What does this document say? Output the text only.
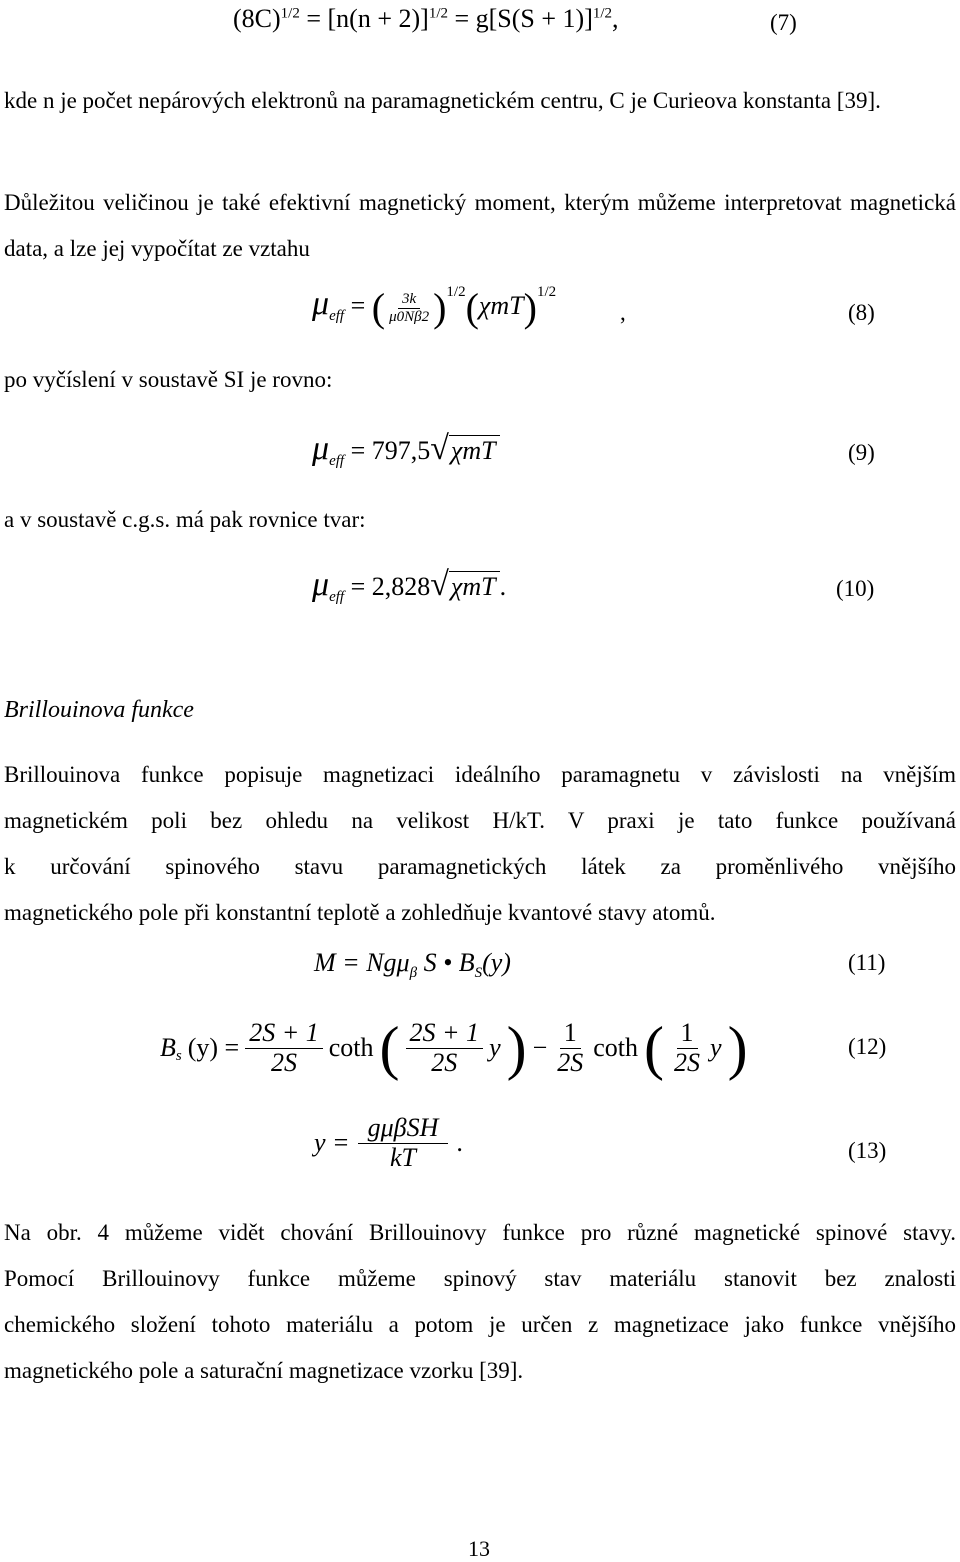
$(8C)^{1/2} = [n(n + 2)]^{1/2} = g[S(S + 1)]^{1/2}$,	(7)
kde n je počet nepárových elektronů na paramagnetickém centru, C je Curieova konstanta [39].
Důležitou veličinou je také efektivní magnetický moment, kterým můžeme interpretovat magnetická data, a lze jej vypočítat ze vztahu
$\mu_{eff}$ = ( $\frac{3k}{\mu 0N\beta 2} )^{1/2}(\chi mT)^{1/2}$
,	(8)
po vyčíslení v soustavě SI je rovno:
$\mu_{eff} = 797,5√\chi mT$	(9)
a v soustavě c.g.s. má pak rovnice tvar:
$\mu_{eff} = 2,828√\chi mT$ .	(10)
Brillouinova funkce
Brillouinova funkce popisuje magnetizaci ideálního paramagnetu v závislosti na vnějším
magnetickém poli bez ohledu na velikost H/kT. V praxi je tato funkce používaná
k určování spinového stavu paramagnetických látek za proměnlivého vnějšího
magnetického pole při konstantní teplotě a zohledňuje kvantové stavy atomů.
M = Ngμ$_\beta$ S • $B_S(y)$	(11)
$B_s$ $(y) = \frac{2S + 1}{2S}$ coth ( $\frac{2S + 1}{2S}$ y ) − $\frac{1}{2S}$ coth ( $\frac{1}{2S}$ y )	(12)
$y = \frac{\text{gμβSH}}{kT}$ .	(13)
Na obr. 4 můžeme vidět chování Brillouinovy funkce pro různé magnetické spinové stavy.
Pomocí Brillouinovy funkce můžeme spinový stav materiálu stanovit bez znalosti
chemického složení tohoto materiálu a potom je určen z magnetizace jako funkce vnějšího
magnetického pole a saturační magnetizace vzorku [39].
13
